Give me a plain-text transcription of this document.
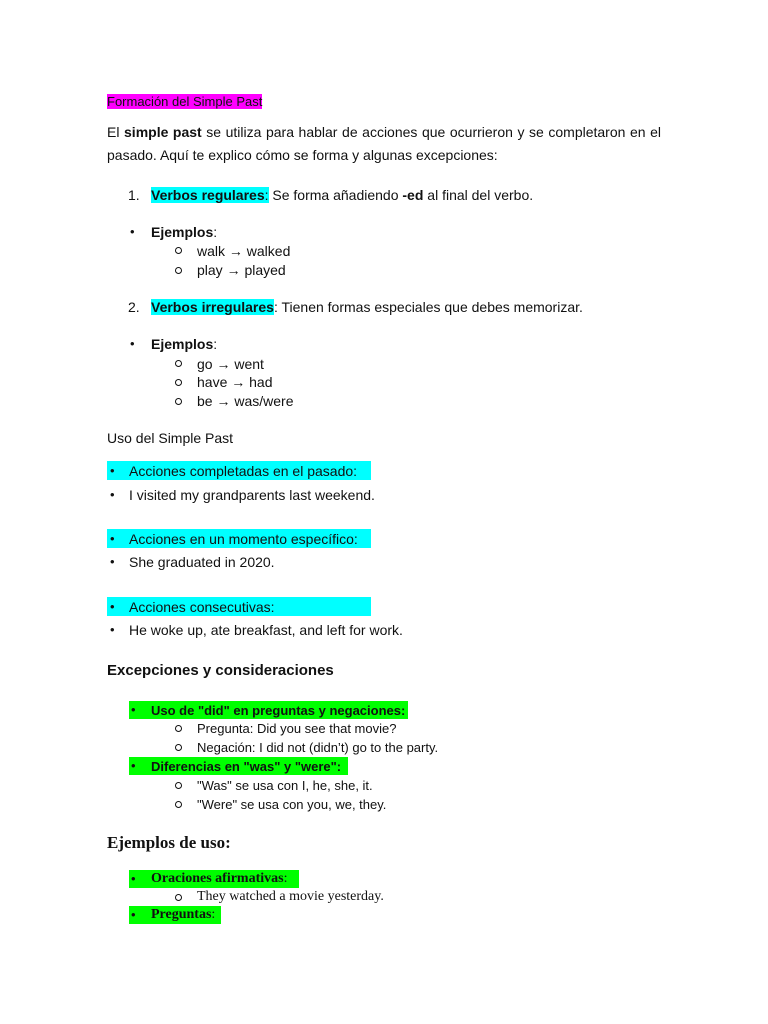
Formación del Simple Past
El simple past se utiliza para hablar de acciones que ocurrieron y se completaron en el pasado. Aquí te explico cómo se forma y algunas excepciones:
1. Verbos regulares: Se forma añadiendo -ed al final del verbo.
• Ejemplos:
walk → walked
play → played
2. Verbos irregulares: Tienen formas especiales que debes memorizar.
• Ejemplos:
go → went
have → had
be → was/were
Uso del Simple Past
• Acciones completadas en el pasado:
• I visited my grandparents last weekend.
• Acciones en un momento específico:
• She graduated in 2020.
• Acciones consecutivas:
• He woke up, ate breakfast, and left for work.
Excepciones y consideraciones
• Uso de "did" en preguntas y negaciones:
Pregunta: Did you see that movie?
Negación: I did not (didn’t) go to the party.
• Diferencias en "was" y "were":
"Was" se usa con I, he, she, it.
"Were" se usa con you, we, they.
Ejemplos de uso:
• Oraciones afirmativas:
They watched a movie yesterday.
• Preguntas:
